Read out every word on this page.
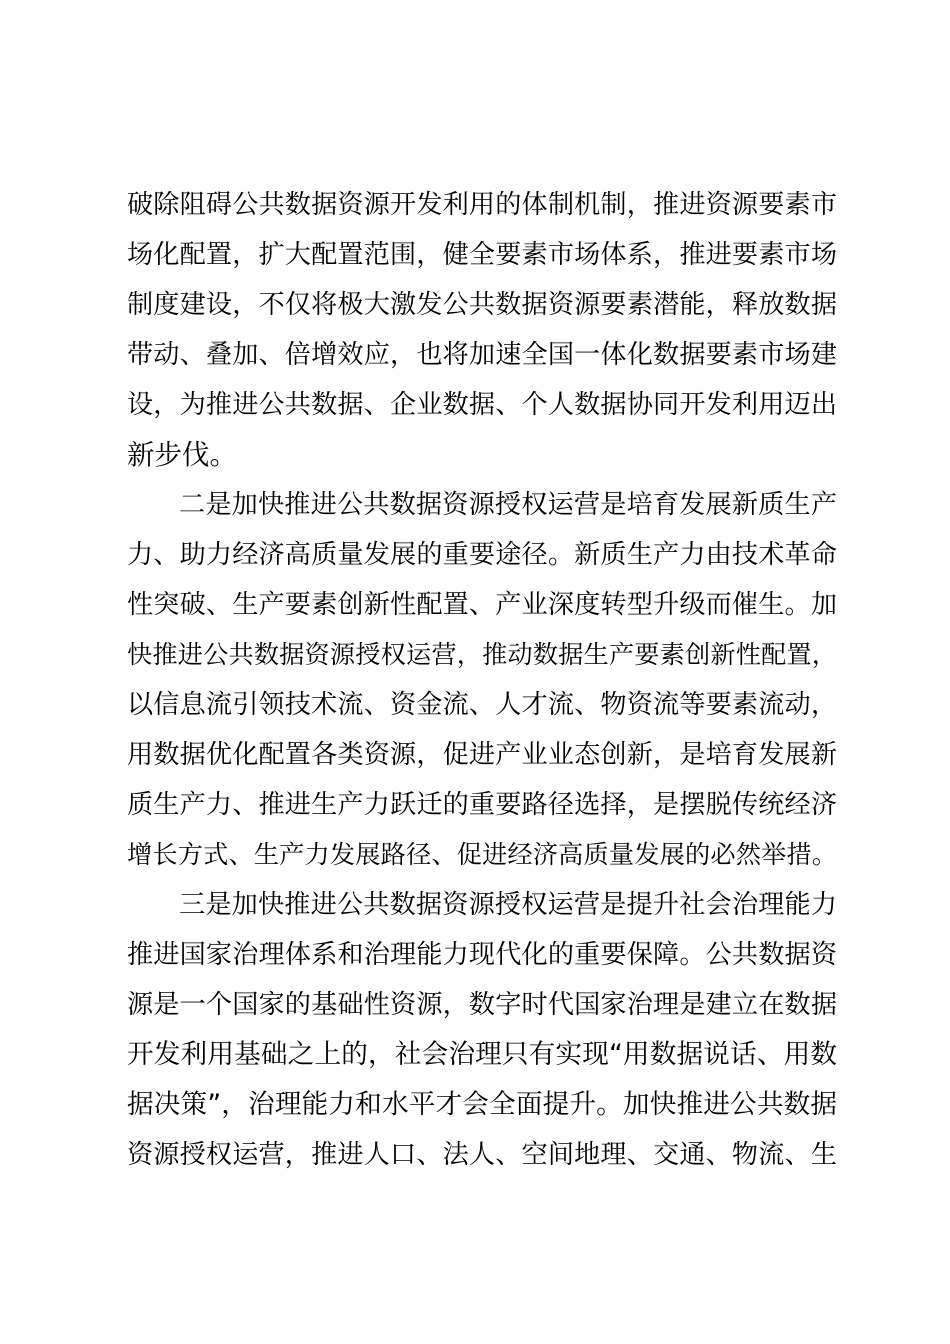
破除阻碍公共数据资源开发利用的体制机制，推进资源要素市
场化配置，扩大配置范围，健全要素市场体系，推进要素市场
制度建设，不仅将极大激发公共数据资源要素潜能，释放数据
带动、叠加、倍增效应，也将加速全国一体化数据要素市场建
设，为推进公共数据、企业数据、个人数据协同开发利用迈出
新步伐。
二是加快推进公共数据资源授权运营是培育发展新质生产
力、助力经济高质量发展的重要途径。新质生产力由技术革命
性突破、生产要素创新性配置、产业深度转型升级而催生。加
快推进公共数据资源授权运营，推动数据生产要素创新性配置，
以信息流引领技术流、资金流、人才流、物资流等要素流动，
用数据优化配置各类资源，促进产业业态创新，是培育发展新
质生产力、推进生产力跃迁的重要路径选择，是摆脱传统经济
增长方式、生产力发展路径、促进经济高质量发展的必然举措。
三是加快推进公共数据资源授权运营是提升社会治理能力
推进国家治理体系和治理能力现代化的重要保障。公共数据资
源是一个国家的基础性资源，数字时代国家治理是建立在数据
开发利用基础之上的，社会治理只有实现“用数据说话、用数
据决策”，治理能力和水平才会全面提升。加快推进公共数据
资源授权运营，推进人口、法人、空间地理、交通、物流、生
